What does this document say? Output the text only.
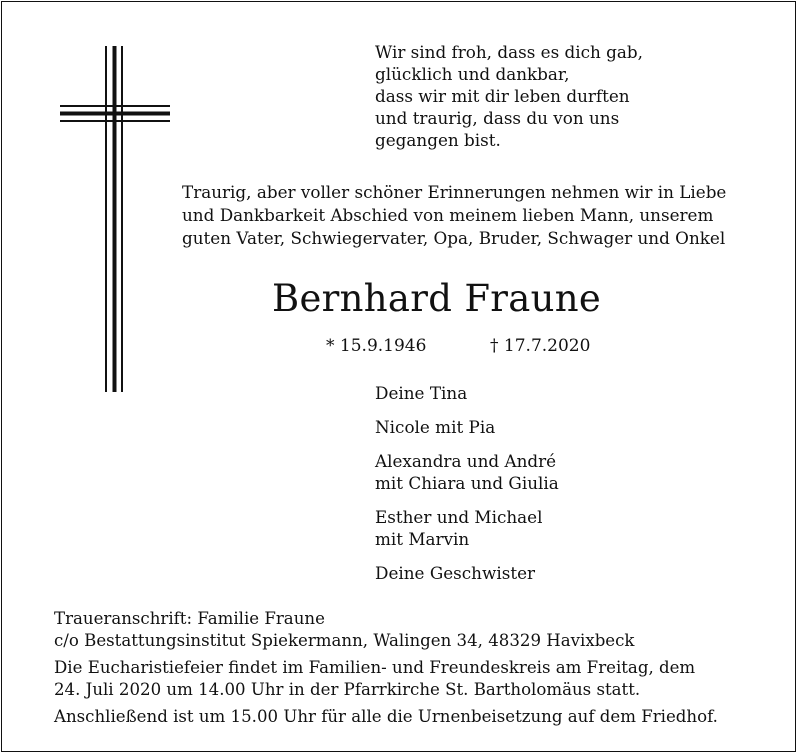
Wir sind froh, dass es dich gab,
glücklich und dankbar,
dass wir mit dir leben durften
und traurig, dass du von uns
gegangen bist.
Traurig, aber voller schöner Erinnerungen nehmen wir in Liebe
und Dankbarkeit Abschied von meinem lieben Mann, unserem
guten Vater, Schwiegervater, Opa, Bruder, Schwager und Onkel
Bernhard Fraune
* 15.9.1946	† 17.7.2020
Deine Tina
Nicole mit Pia
Alexandra und André
mit Chiara und Giulia
Esther und Michael
mit Marvin
Deine Geschwister
Traueranschrift: Familie Fraune
c/o Bestattungsinstitut Spiekermann, Walingen 34, 48329 Havixbeck
Die Eucharistiefeier findet im Familien- und Freundeskreis am Freitag, dem
24. Juli 2020 um 14.00 Uhr in der Pfarrkirche St. Bartholomäus statt.
Anschließend ist um 15.00 Uhr für alle die Urnenbeisetzung auf dem Friedhof.
